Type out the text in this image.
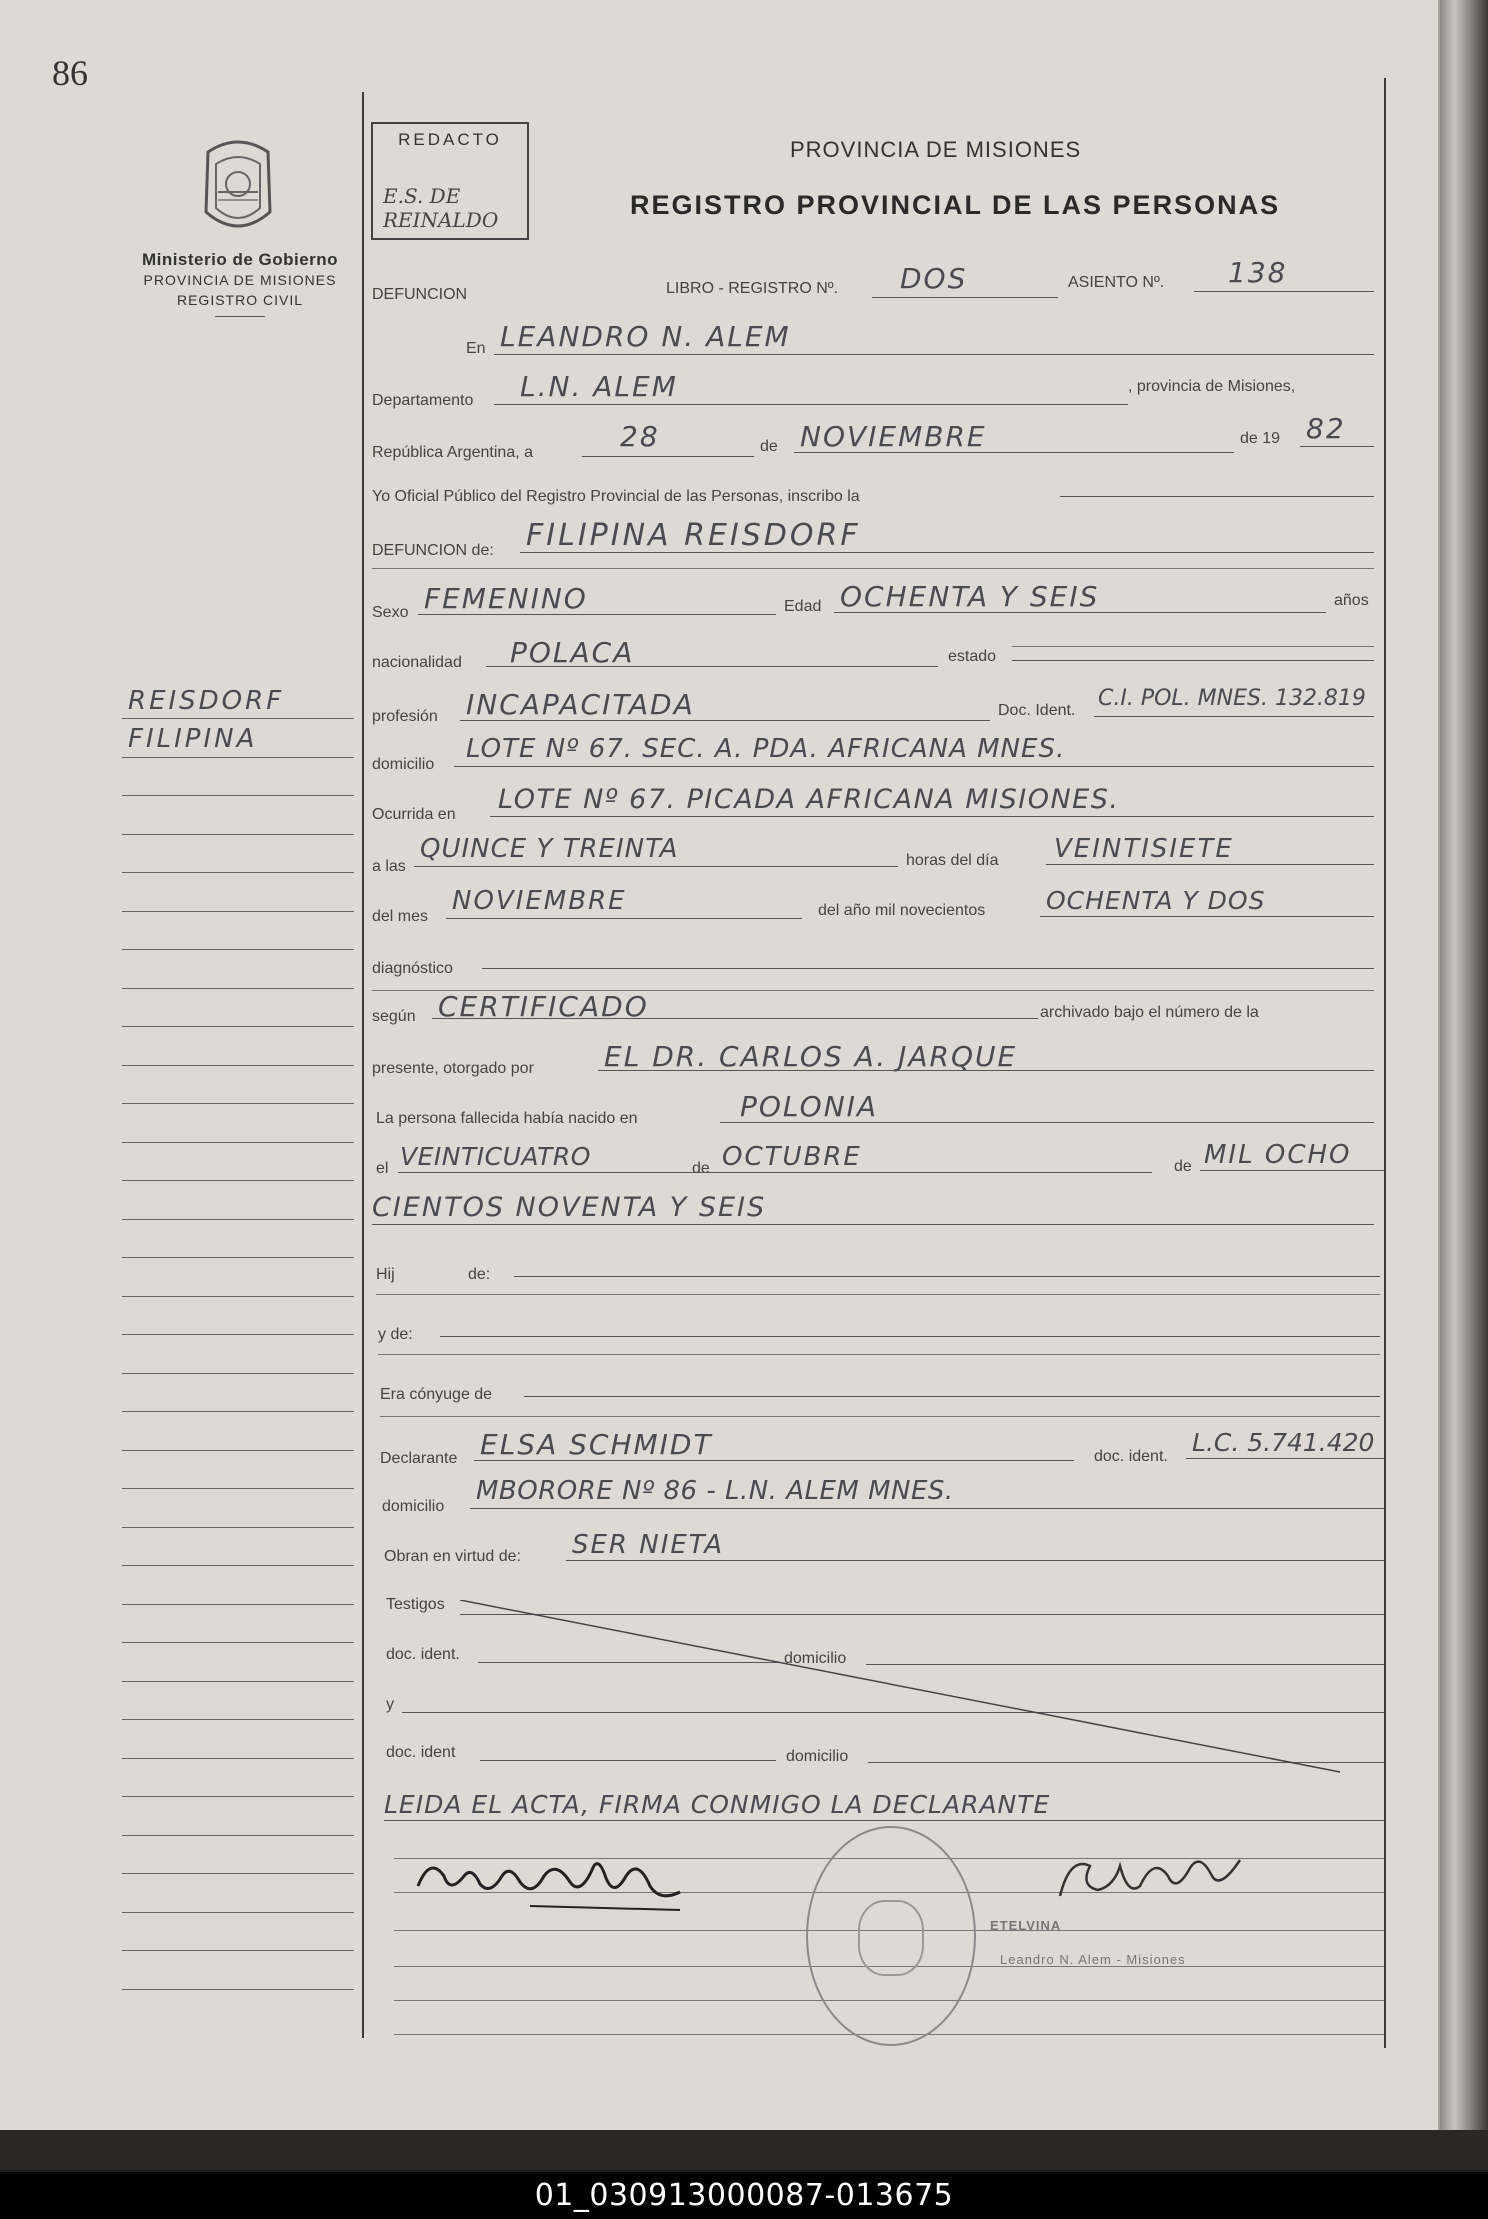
86
Ministerio de Gobierno
PROVINCIA DE MISIONES
REGISTRO CIVIL
REDACTO
E.S. DE REINALDO
PROVINCIA DE MISIONES
REGISTRO PROVINCIAL DE LAS PERSONAS
DEFUNCION	LIBRO - REGISTRO Nº. DOS	ASIENTO Nº. 138
En LEANDRO N. ALEM
Departamento L.N. ALEM	, provincia de Misiones,
República Argentina, a	28	de NOVIEMBRE	de 19 82
Yo Oficial Público del Registro Provincial de las Personas, inscribo la
DEFUNCION de: FILIPINA REISDORF
Sexo FEMENINO	Edad OCHENTA Y SEIS	años
nacionalidad POLACA	estado
profesión INCAPACITADA	Doc. Ident. C.I. POL. MNES. 132.819
domicilio
LOTE Nº 67. SEC. A. PDA. AFRICANA MNES.
Ocurrida en LOTE Nº 67. PICADA AFRICANA MISIONES.
a las
QUINCE Y TREINTA	horas del día VEINTISIETE
del mes
NOVIEMBRE	del año mil novecientos OCHENTA Y DOS
diagnóstico
según CERTIFICADO	archivado bajo el número de la
presente, otorgado por	EL DR. CARLOS A. JARQUE
La persona fallecida había nacido en	POLONIA
el VEINTICUATRO	de OCTUBRE	de MIL OCHO
CIENTOS NOVENTA Y SEIS
Hij	de:
y de:
Era cónyuge de
Declarante ELSA SCHMIDT	doc. ident. L.C. 5.741.420
domicilio
MBORORE Nº 86 - L.N. ALEM MNES.
Obran en virtud de: SER NIETA
Testigos
doc. ident.	domicilio
y
doc. ident	domicilio
LEIDA EL ACTA, FIRMA CONMIGO LA DECLARANTE
ETELVINA
Leandro N. Alem - Misiones
REISDORF
FILIPINA
01_030913000087-013675
